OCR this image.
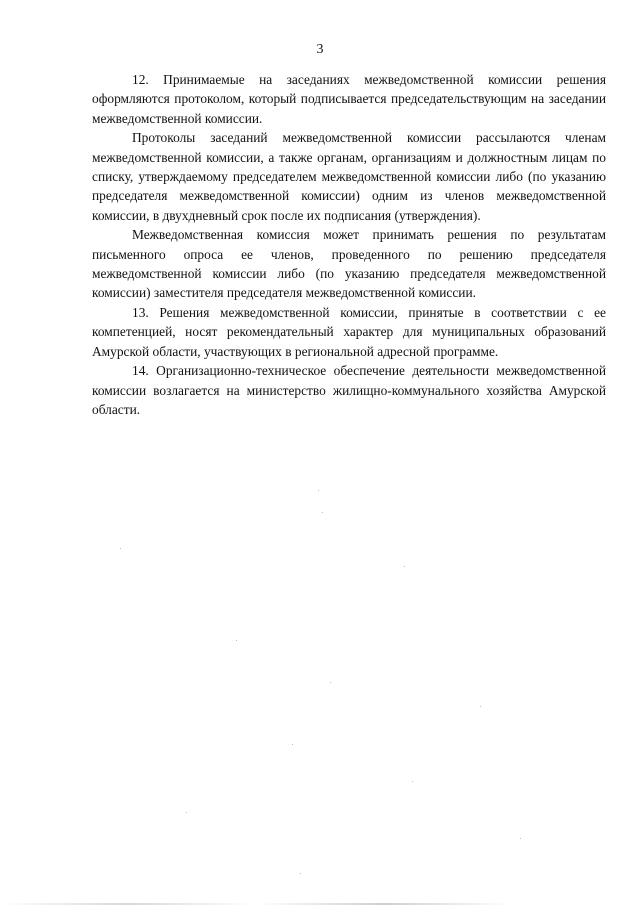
3

12. Принимаемые на заседаниях межведомственной комиссии решения оформляются протоколом, который подписывается председательствующим на заседании межведомственной комиссии.

Протоколы заседаний межведомственной комиссии рассылаются членам межведомственной комиссии, а также органам, организациям и должностным лицам по списку, утверждаемому председателем межведомственной комиссии либо (по указанию председателя межведомственной комиссии) одним из членов межведомственной комиссии, в двухдневный срок после их подписания (утверждения).

Межведомственная комиссия может принимать решения по результатам письменного опроса ее членов, проведенного по решению председателя межведомственной комиссии либо (по указанию председателя межведомственной комиссии) заместителя председателя межведомственной комиссии.

13. Решения межведомственной комиссии, принятые в соответствии с ее компетенцией, носят рекомендательный характер для муниципальных образований Амурской области, участвующих в региональной адресной программе.

14. Организационно-техническое обеспечение деятельности межведомственной комиссии возлагается на министерство жилищно-коммунального хозяйства Амурской области.
